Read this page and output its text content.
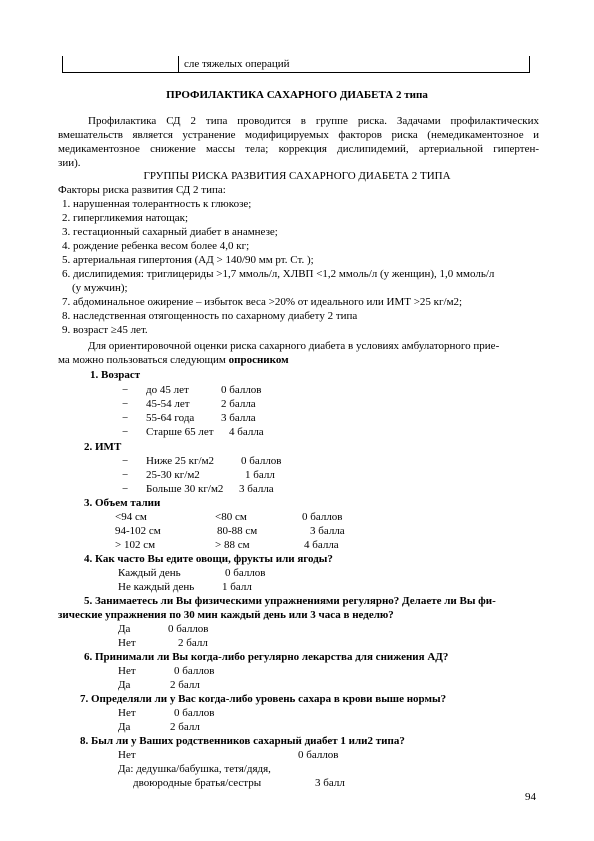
сле тяжелых операций
ПРОФИЛАКТИКА САХАРНОГО ДИАБЕТА 2 типа
Профилактика СД 2 типа проводится в группе риска. Задачами профилактических
вмешательств является устранение модифицируемых факторов риска (немедикаментозное и
медикаментозное снижение массы тела; коррекция дислипидемий, артериальной гипертен-
зии).
ГРУППЫ РИСКА РАЗВИТИЯ САХАРНОГО ДИАБЕТА 2 ТИПА
Факторы риска развития СД 2 типа:
1. нарушенная толерантность к глюкозе;
2. гипергликемия натощак;
3. гестационный сахарный диабет в анамнезе;
4. рождение ребенка весом более 4,0 кг;
5. артериальная гипертония (АД > 140/90 мм рт. Ст. );
6. дислипидемия: триглицериды >1,7 ммоль/л, ХЛВП <1,2 ммоль/л (у женщин), 1,0 ммоль/л
(у мужчин);
7. абдоминальное ожирение – избыток веса >20% от идеального или ИМТ >25 кг/м2;
8. наследственная отягощенность по сахарному диабету 2 типа
9. возраст ≥45 лет.
Для ориентировочной оценки риска сахарного диабета в условиях амбулаторного прие-
ма можно пользоваться следующим опросником
1. Возраст
− до 45 лет	0 баллов
− 45-54 лет	2 балла
− 55-64 года 3 балла
− Старше 65 лет 4 балла
2. ИМТ
− Ниже 25 кг/м2 0 баллов
− 25-30 кг/м2	1 балл
− Больше 30 кг/м2 3 балла
3. Объем талии
<94 см	<80 см	0 баллов
94-102 см	80-88 см	3 балла
> 102 см	> 88 см	4 балла
4. Как часто Вы едите овощи, фрукты или ягоды?
Каждый день	0 баллов
Не каждый день	1 балл
5. Занимаетесь ли Вы физическими упражнениями регулярно? Делаете ли Вы фи-
зические упражнения по 30 мин каждый день или 3 часа в неделю?
Да	0 баллов
Нет	2 балл
6. Принимали ли Вы когда-либо регулярно лекарства для снижения АД?
Нет	0 баллов
Да	2 балл
7. Определяли ли у Вас когда-либо уровень сахара в крови выше нормы?
Нет	0 баллов
Да	2 балл
8. Был ли у Ваших родственников сахарный диабет 1 или2 типа?
Нет	0 баллов
Да: дедушка/бабушка, тетя/дядя,
двоюродные братья/сестры	3 балл
94
